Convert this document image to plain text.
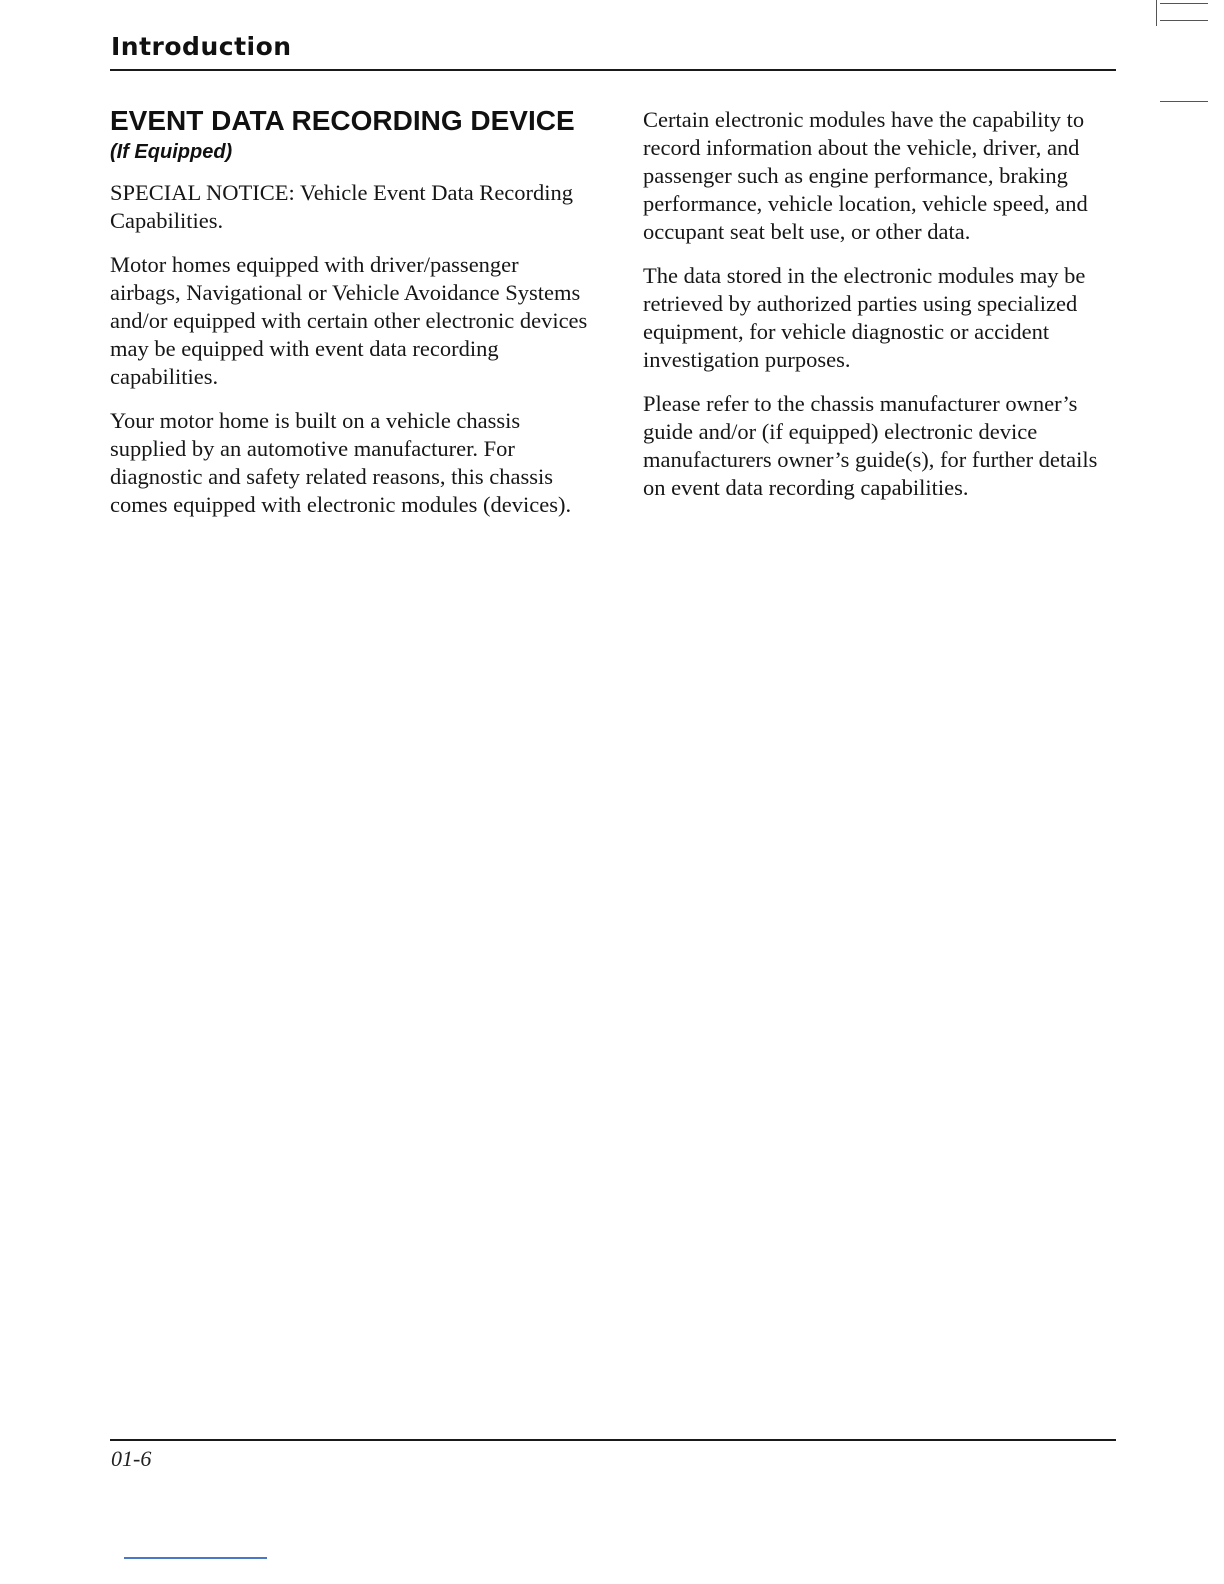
Introduction
EVENT DATA RECORDING DEVICE

(If Equipped)

SPECIAL NOTICE: Vehicle Event Data Recording Capabilities.

Motor homes equipped with driver/passenger airbags, Navigational or Vehicle Avoidance Systems and/or equipped with certain other electronic devices may be equipped with event data recording capabilities.

Your motor home is built on a vehicle chassis supplied by an automotive manufacturer. For diagnostic and safety related reasons, this chassis comes equipped with electronic modules (devices).

Certain electronic modules have the capability to record information about the vehicle, driver, and passenger such as engine performance, braking performance, vehicle location, vehicle speed, and occupant seat belt use, or other data.

The data stored in the electronic modules may be retrieved by authorized parties using specialized equipment, for vehicle diagnostic or accident investigation purposes.

Please refer to the chassis manufacturer owner’s guide and/or (if equipped) electronic device manufacturers owner’s guide(s), for further details on event data recording capabilities.

01-6
